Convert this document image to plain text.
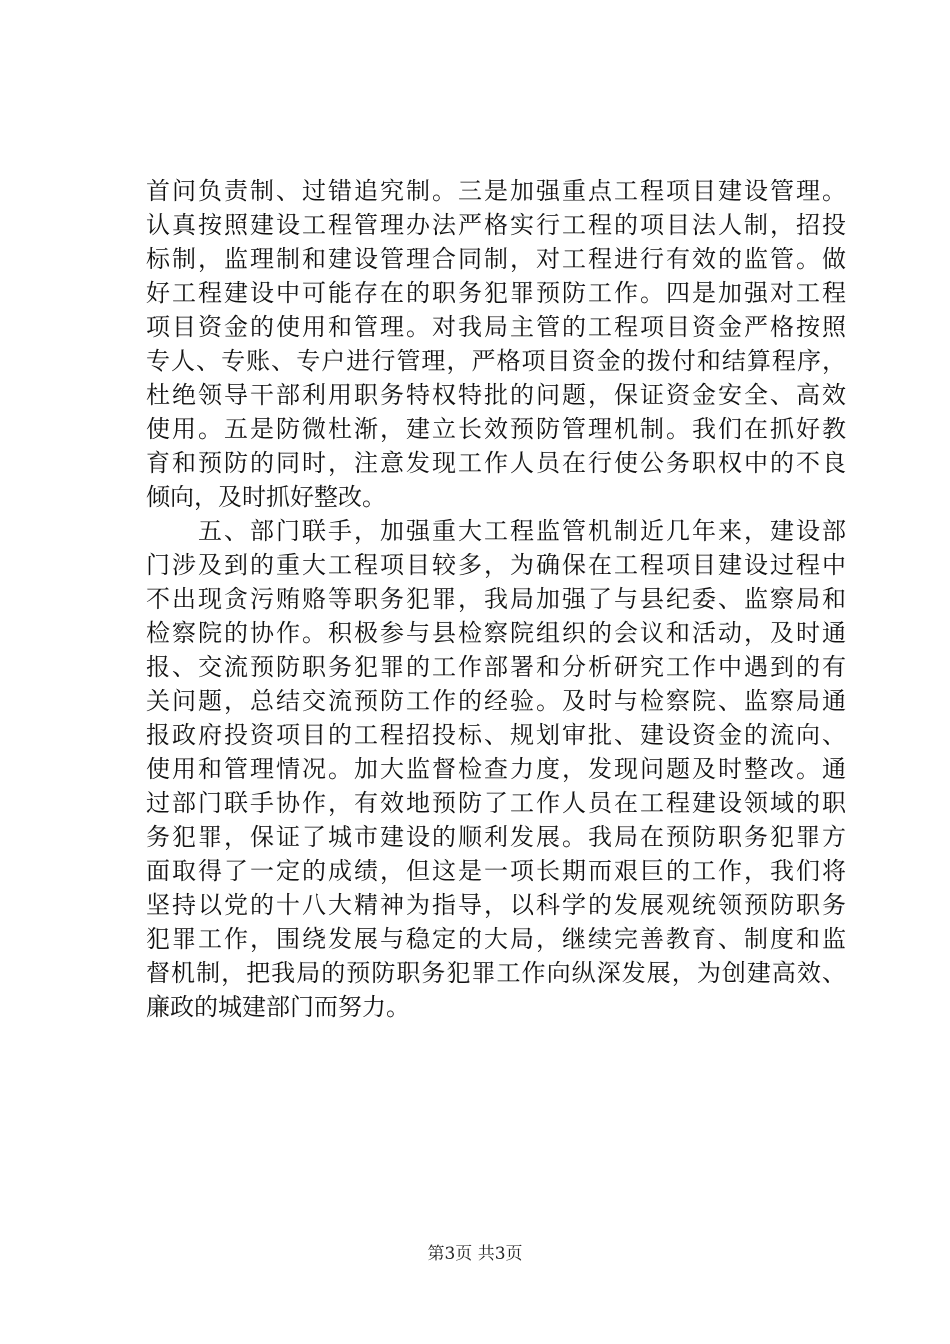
首问负责制、过错追究制。三是加强重点工程项目建设管理。
认真按照建设工程管理办法严格实行工程的项目法人制，招投
标制，监理制和建设管理合同制，对工程进行有效的监管。做
好工程建设中可能存在的职务犯罪预防工作。四是加强对工程
项目资金的使用和管理。对我局主管的工程项目资金严格按照
专人、专账、专户进行管理，严格项目资金的拨付和结算程序，
杜绝领导干部利用职务特权特批的问题，保证资金安全、高效
使用。五是防微杜渐，建立长效预防管理机制。我们在抓好教
育和预防的同时，注意发现工作人员在行使公务职权中的不良
倾向，及时抓好整改。
　　五、部门联手，加强重大工程监管机制近几年来，建设部
门涉及到的重大工程项目较多，为确保在工程项目建设过程中
不出现贪污贿赂等职务犯罪，我局加强了与县纪委、监察局和
检察院的协作。积极参与县检察院组织的会议和活动，及时通
报、交流预防职务犯罪的工作部署和分析研究工作中遇到的有
关问题，总结交流预防工作的经验。及时与检察院、监察局通
报政府投资项目的工程招投标、规划审批、建设资金的流向、
使用和管理情况。加大监督检查力度，发现问题及时整改。通
过部门联手协作，有效地预防了工作人员在工程建设领域的职
务犯罪，保证了城市建设的顺利发展。我局在预防职务犯罪方
面取得了一定的成绩，但这是一项长期而艰巨的工作，我们将
坚持以党的十八大精神为指导，以科学的发展观统领预防职务
犯罪工作，围绕发展与稳定的大局，继续完善教育、制度和监
督机制，把我局的预防职务犯罪工作向纵深发展，为创建高效、
廉政的城建部门而努力。
第3页 共3页
